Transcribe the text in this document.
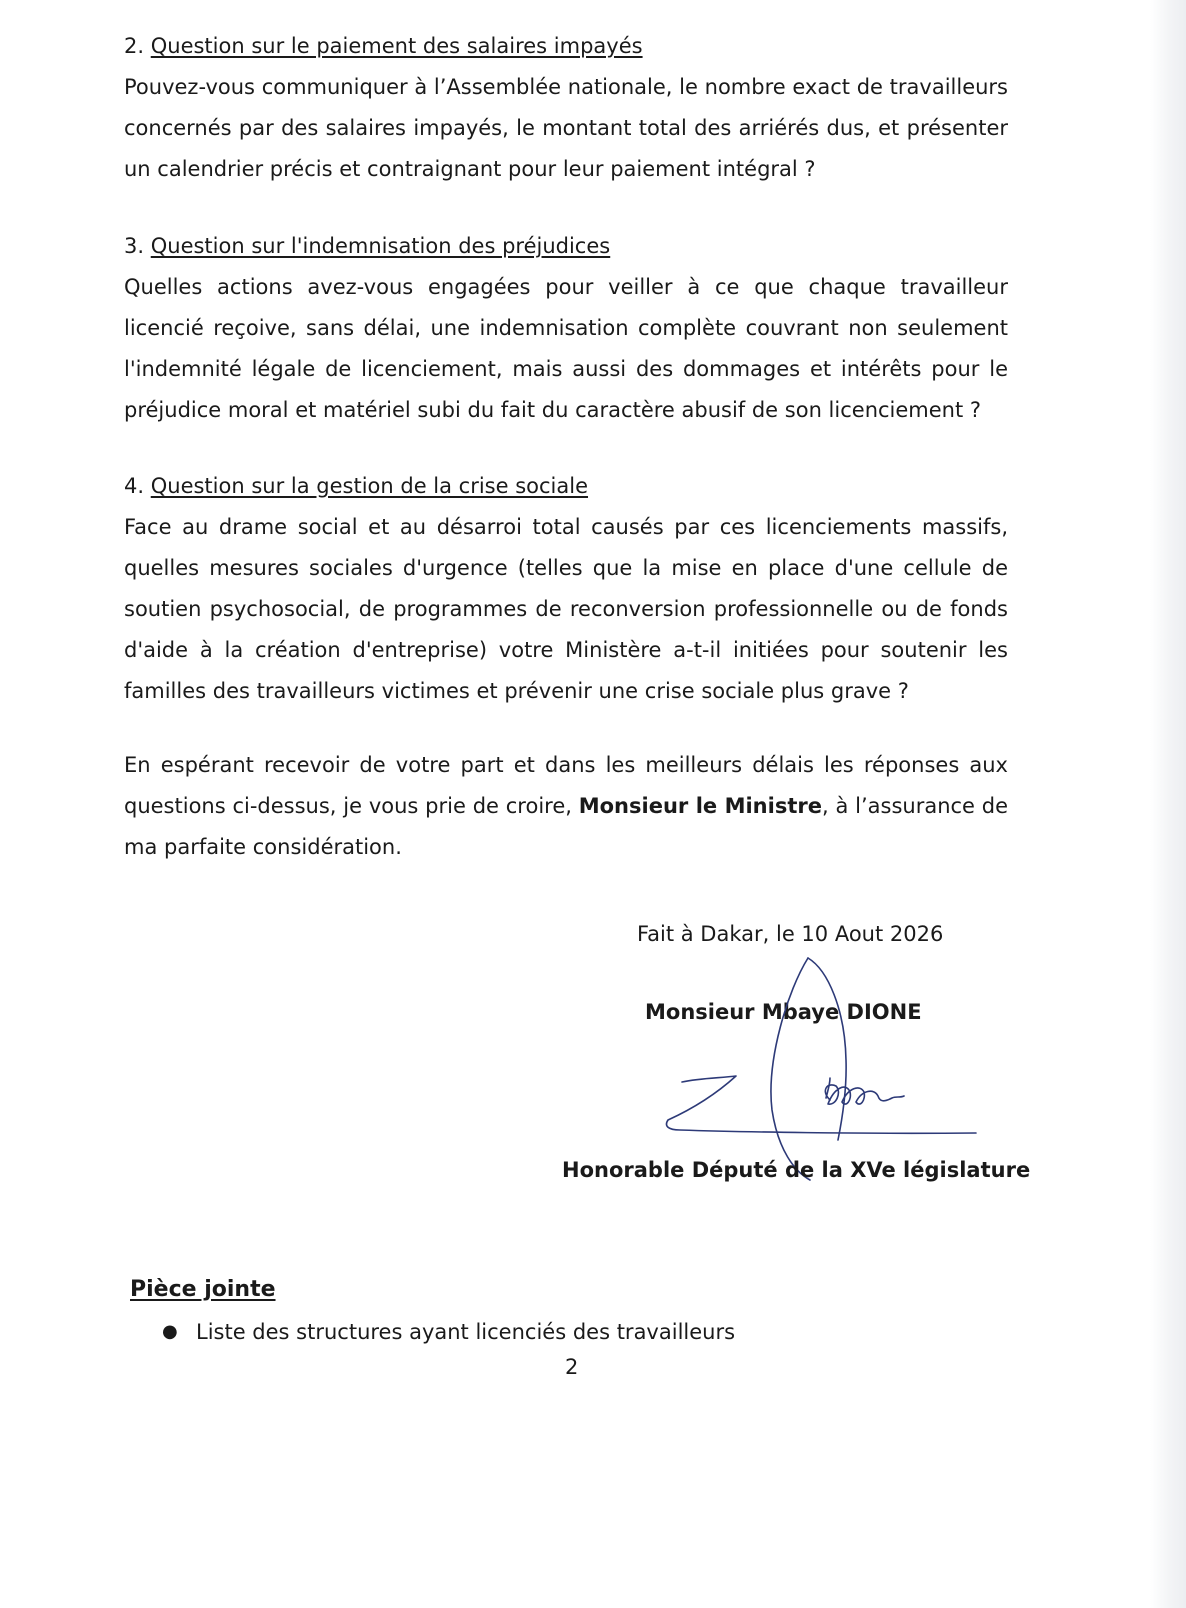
2. Question sur le paiement des salaires impayés

Pouvez-vous communiquer à l’Assemblée nationale, le nombre exact de travailleurs concernés par des salaires impayés, le montant total des arriérés dus, et présenter un calendrier précis et contraignant pour leur paiement intégral ?

3. Question sur l'indemnisation des préjudices

Quelles actions avez-vous engagées pour veiller à ce que chaque travailleur licencié reçoive, sans délai, une indemnisation complète couvrant non seulement l'indemnité légale de licenciement, mais aussi des dommages et intérêts pour le préjudice moral et matériel subi du fait du caractère abusif de son licenciement ?

4. Question sur la gestion de la crise sociale

Face au drame social et au désarroi total causés par ces licenciements massifs, quelles mesures sociales d'urgence (telles que la mise en place d'une cellule de soutien psychosocial, de programmes de reconversion professionnelle ou de fonds d'aide à la création d'entreprise) votre Ministère a-t-il initiées pour soutenir les familles des travailleurs victimes et prévenir une crise sociale plus grave ?

En espérant recevoir de votre part et dans les meilleurs délais les réponses aux questions ci-dessus, je vous prie de croire, Monsieur le Ministre, à l’assurance de ma parfaite considération.

Fait à Dakar, le 10 Aout 2026
Monsieur Mbaye DIONE
Honorable Député de la XVe législature
Pièce jointe
● Liste des structures ayant licenciés des travailleurs
2
